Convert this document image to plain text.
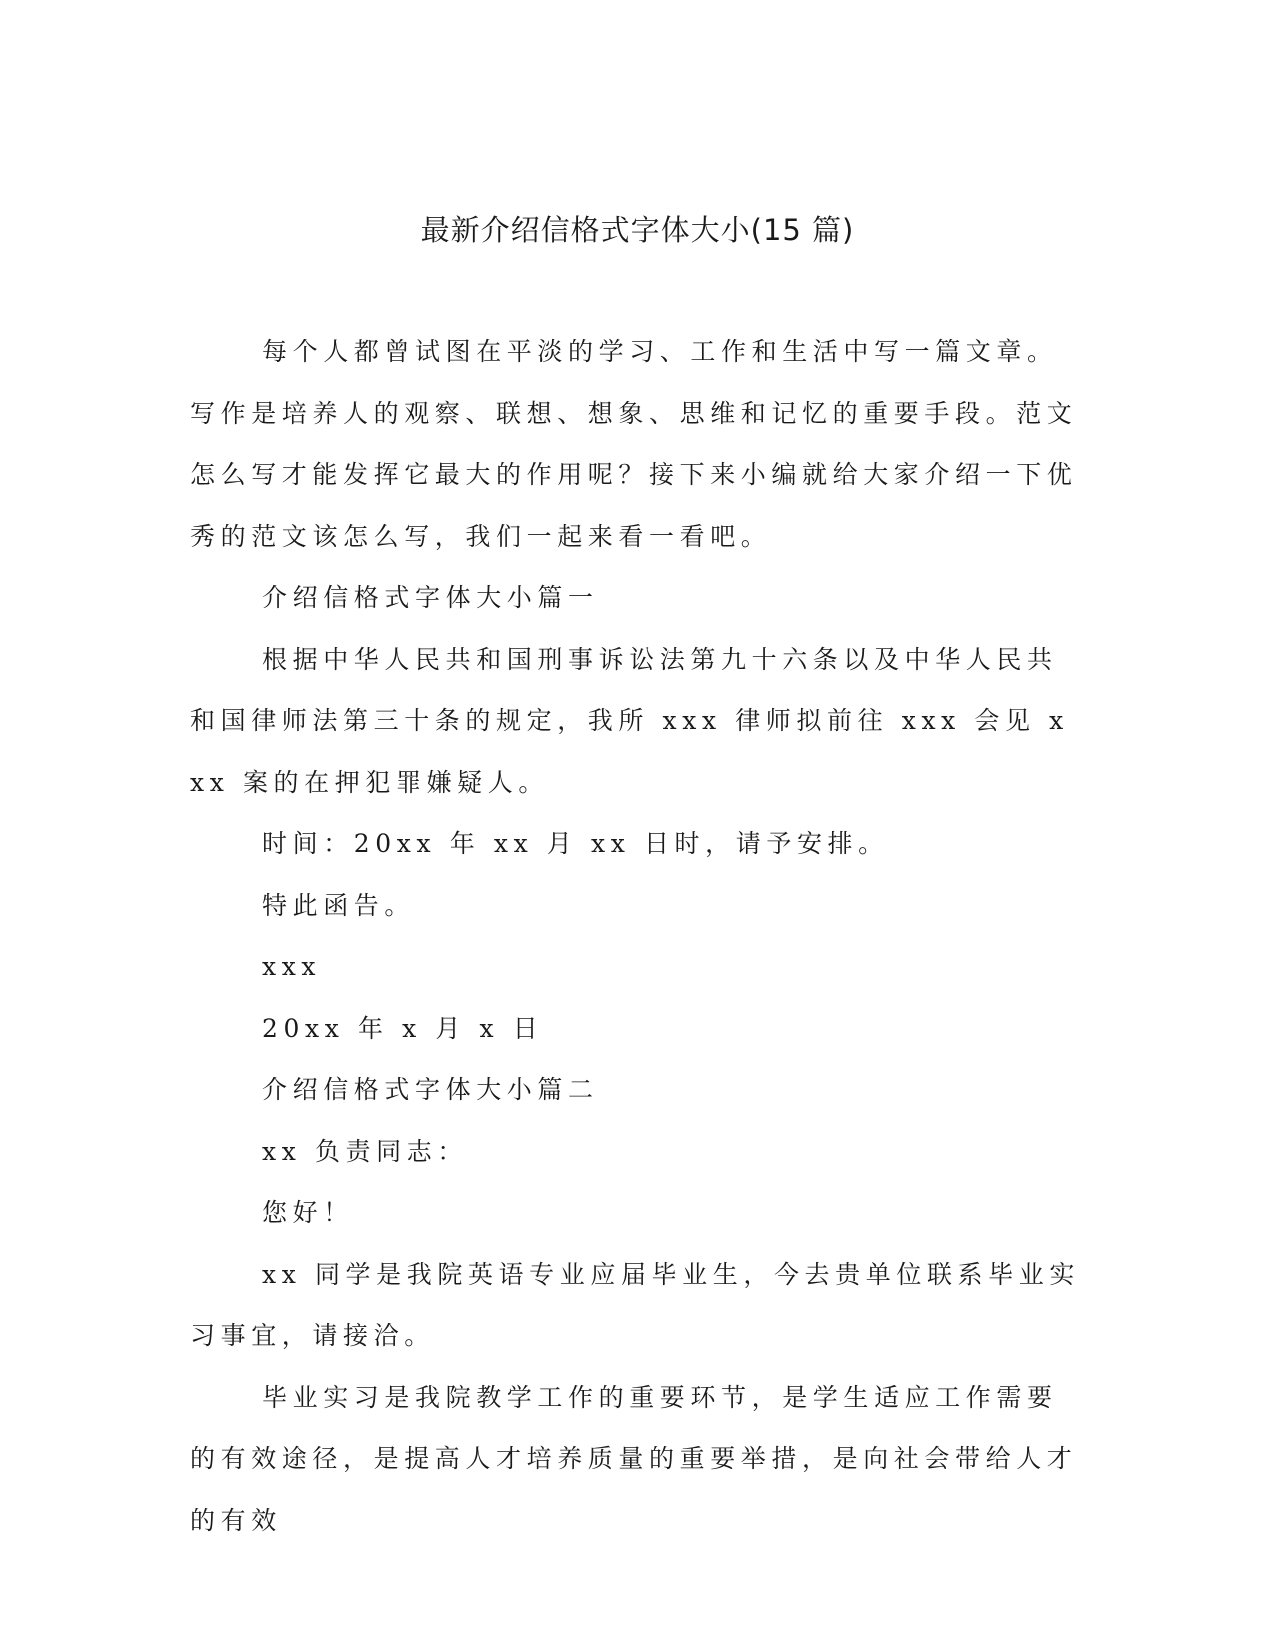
最新介绍信格式字体大小(15 篇)

每个人都曾试图在平淡的学习、工作和生活中写一篇文章。写作是培养人的观察、联想、想象、思维和记忆的重要手段。范文怎么写才能发挥它最大的作用呢？接下来小编就给大家介绍一下优秀的范文该怎么写，我们一起来看一看吧。

介绍信格式字体大小篇一

根据中华人民共和国刑事诉讼法第九十六条以及中华人民共和国律师法第三十条的规定，我所 xxx 律师拟前往 xxx 会见 xxx 案的在押犯罪嫌疑人。

时间：20xx 年 xx 月 xx 日时，请予安排。

特此函告。

xxx

20xx 年 x 月 x 日

介绍信格式字体大小篇二

xx 负责同志：

您好！

xx 同学是我院英语专业应届毕业生，今去贵单位联系毕业实习事宜，请接洽。

毕业实习是我院教学工作的重要环节，是学生适应工作需要的有效途径，是提高人才培养质量的重要举措，是向社会带给人才的有效
